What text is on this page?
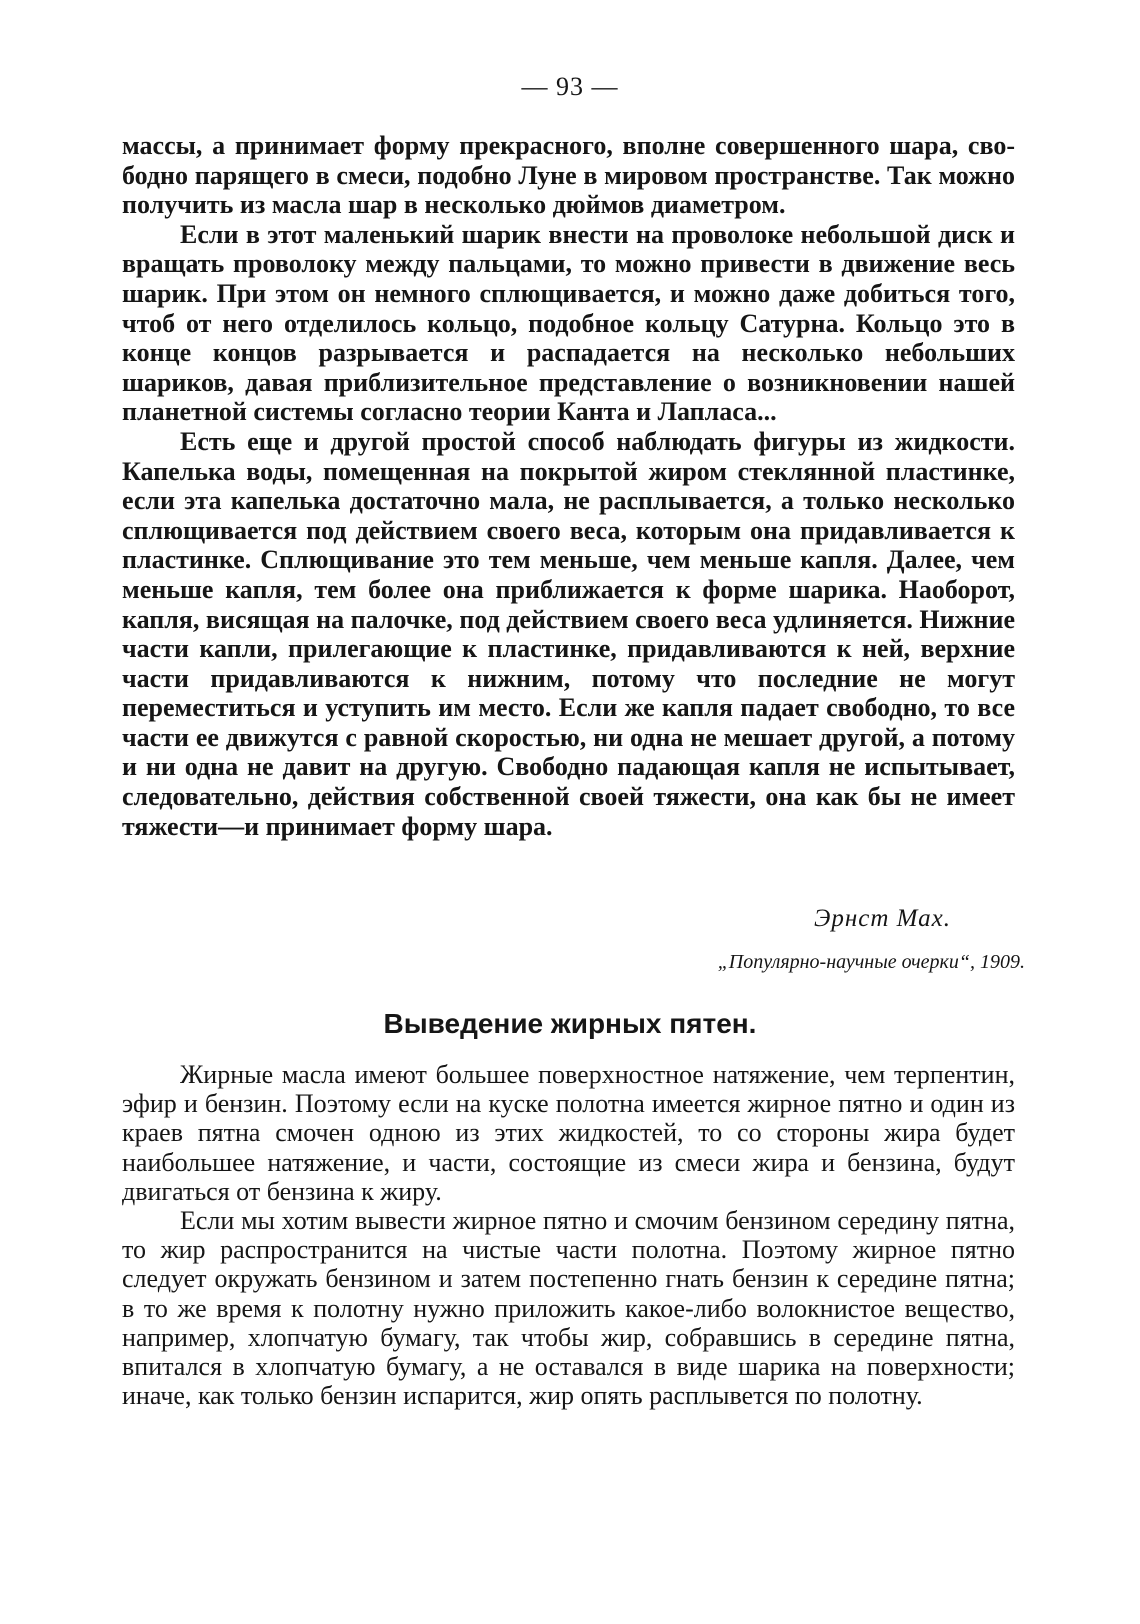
— 93 —

массы, а принимает форму прекрасного, вполне совершенного шара, свободно парящего в смеси, подобно Луне в мировом пространстве. Так можно получить из масла шар в несколько дюймов диаметром.

Если в этот маленький шарик внести на проволоке небольшой диск и вращать проволоку между пальцами, то можно привести в движение весь шарик. При этом он немного сплющивается, и можно даже добиться того, чтоб от него отделилось кольцо, подобное кольцу Сатурна. Кольцо это в конце концов разрывается и распадается на несколько небольших шариков, давая приблизительное представление о возникновении нашей планетной системы согласно теории Канта и Лапласа...

Есть еще и другой простой способ наблюдать фигуры из жидкости. Капелька воды, помещенная на покрытой жиром стеклянной пластинке, если эта капелька достаточно мала, не расплывается, а только несколько сплющивается под действием своего веса, которым она придавливается к пластинке. Сплющивание это тем меньше, чем меньше капля. Далее, чем меньше капля, тем более она приближается к форме шарика. Наоборот, капля, висящая на палочке, под действием своего веса удлиняется. Нижние части капли, прилегающие к пластинке, придавливаются к ней, верхние части придавливаются к нижним, потому что последние не могут переместиться и уступить им место. Если же капля падает свободно, то все части ее движутся с равной скоростью, ни одна не мешает другой, а потому и ни одна не давит на другую. Свободно падающая капля не испытывает, следовательно, действия собственной своей тяжести, она как бы не имеет тяжести—и принимает форму шара.

Эрнст Мах.

„Популярно-научные очерки“, 1909.

Выведение жирных пятен.

Жирные масла имеют большее поверхностное натяжение, чем терпентин, эфир и бензин. Поэтому если на куске полотна имеется жирное пятно и один из краев пятна смочен одною из этих жидкостей, то со стороны жира будет наибольшее натяжение, и части, состоящие из смеси жира и бензина, будут двигаться от бензина к жиру.

Если мы хотим вывести жирное пятно и смочим бензином середину пятна, то жир распространится на чистые части полотна. Поэтому жирное пятно следует окружать бензином и затем постепенно гнать бензин к середине пятна; в то же время к полотну нужно приложить какое-либо волокнистое вещество, например, хлопчатую бумагу, так чтобы жир, собравшись в середине пятна, впитался в хлопчатую бумагу, а не оставался в виде шарика на поверхности; иначе, как только бензин испарится, жир опять расплывется по полотну.
